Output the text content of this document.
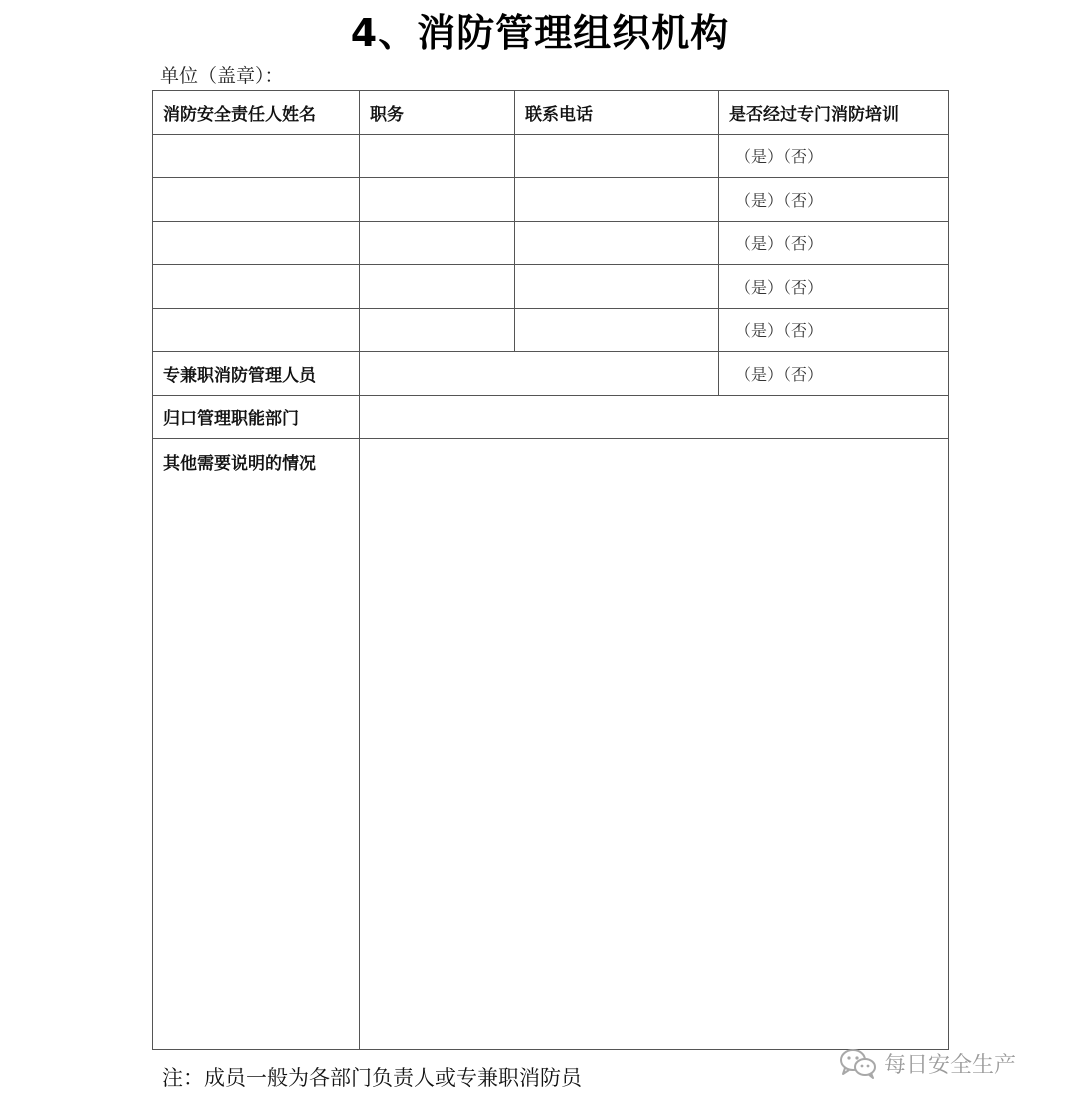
4、消防管理组织机构
单位（盖章）：
消防安全责任人姓名	职务	联系电话	是否经过专门消防培训
			（是）（否）
			（是）（否）
			（是）（否）
			（是）（否）
			（是）（否）
专兼职消防管理人员			（是）（否）
归口管理职能部门			
其他需要说明的情况			
注：成员一般为各部门负责人或专兼职消防员
每日安全生产
